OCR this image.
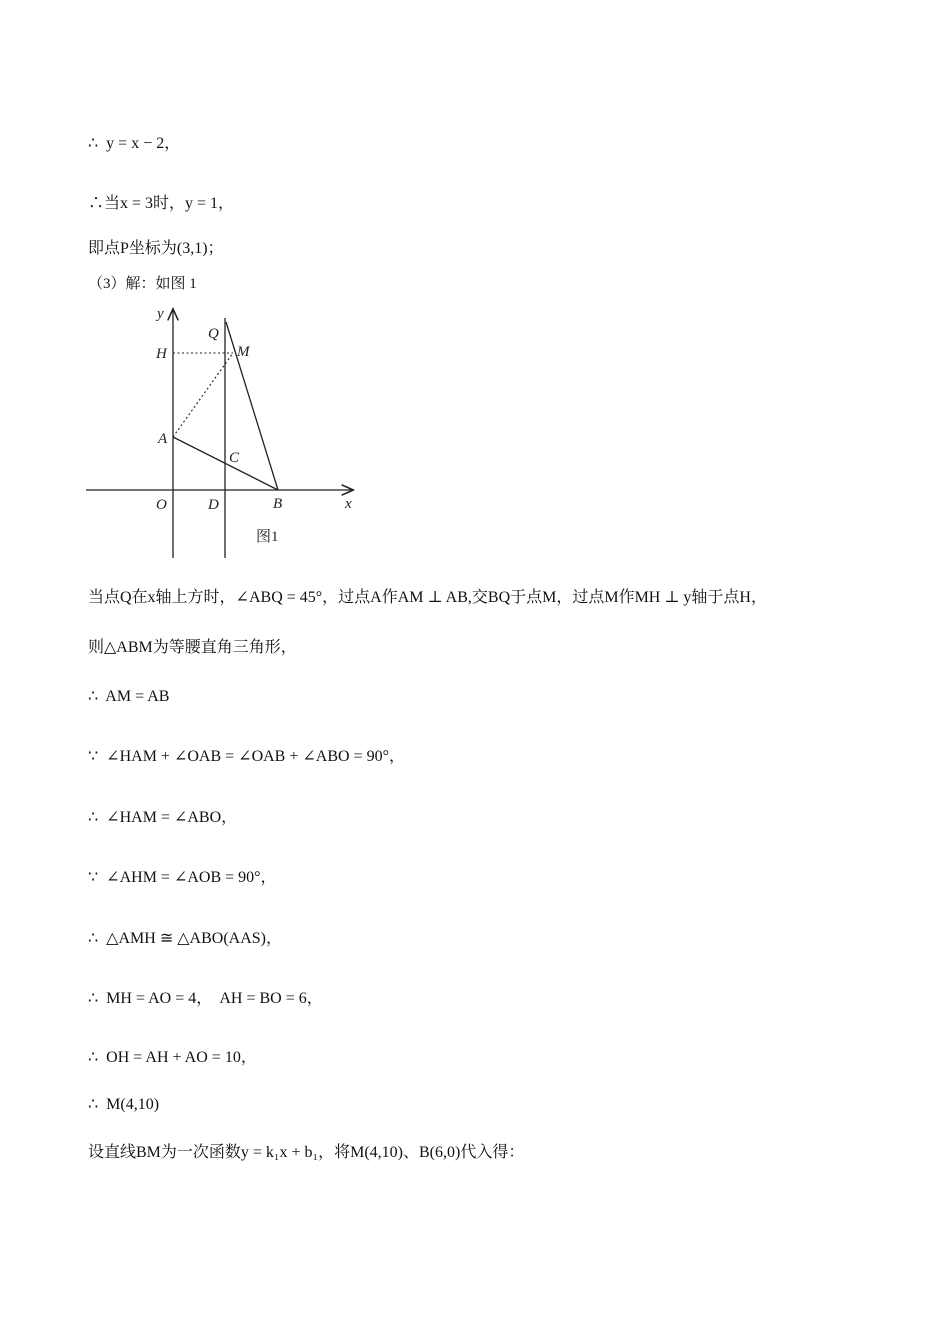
∴  y = x − 2，
∴当x = 3时，y = 1，
即点P坐标为(3,1)；
（3）解：如图 1
y
Q
H	M
A
C
O	D	B	x
图1
当点Q在x轴上方时，∠ABQ = 45°，过点A作AM ⊥ AB,交BQ于点M，过点M作MH ⊥ y轴于点H，
则△ABM为等腰直角三角形，
∴  AM = AB
∵  ∠HAM + ∠OAB = ∠OAB + ∠ABO = 90°，
∴  ∠HAM = ∠ABO，
∵  ∠AHM = ∠AOB = 90°，
∴  △AMH ≅ △ABO(AAS)，
∴  MH = AO = 4，  AH = BO = 6，
∴  OH = AH + AO = 10，
∴  M(4,10)
设直线BM为一次函数y = k₁x + b₁，将M(4,10)、B(6,0)代入得：
